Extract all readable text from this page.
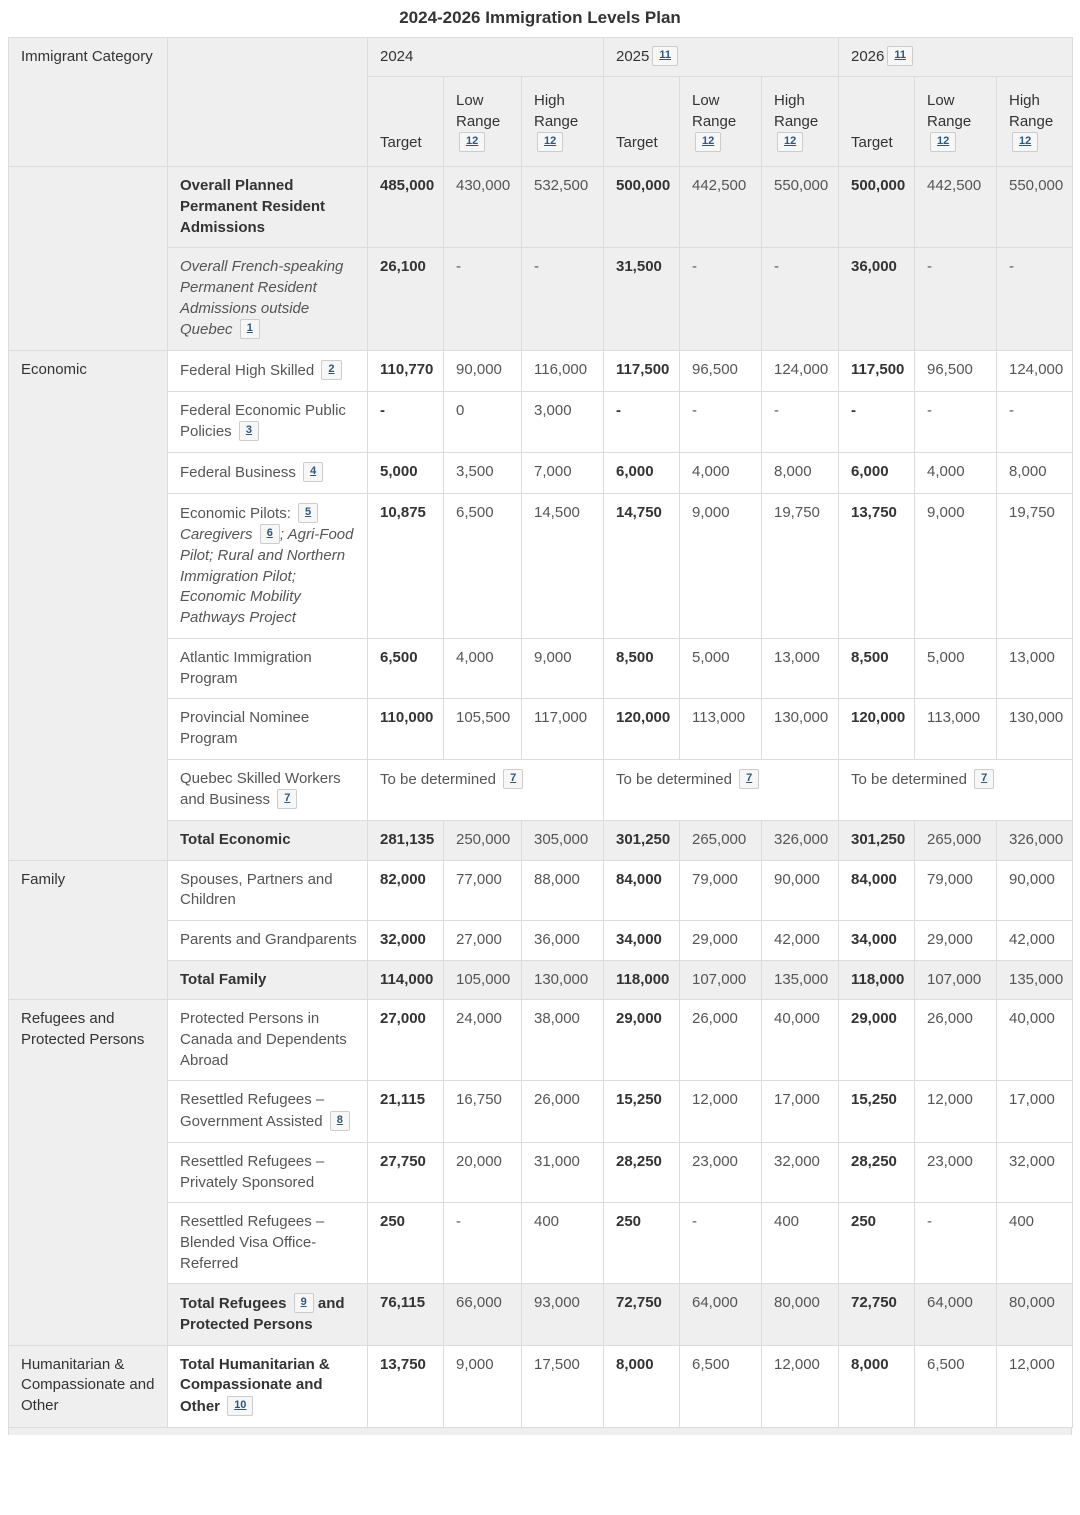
2024-2026 Immigration Levels Plan
Immigrant Category		2024			2025 11			2026 11		
		Target	Low Range 12	High Range 12	Target	Low Range 12	High Range 12	Target	Low Range 12	High Range 12
	Overall Planned Permanent Resident Admissions	485,000	430,000	532,500	500,000	442,500	550,000	500,000	442,500	550,000
	Overall French-speaking Permanent Resident Admissions outside Quebec 1	26,100	-	-	31,500	-	-	36,000	-	-
Economic	Federal High Skilled 2	110,770	90,000	116,000	117,500	96,500	124,000	117,500	96,500	124,000
	Federal Economic Public Policies 3	-	0	3,000	-	-	-	-	-	-
	Federal Business 4	5,000	3,500	7,000	6,000	4,000	8,000	6,000	4,000	8,000
	Economic Pilots: 5 Caregivers 6 ; Agri-Food Pilot; Rural and Northern Immigration Pilot; Economic Mobility Pathways Project	10,875	6,500	14,500	14,750	9,000	19,750	13,750	9,000	19,750
	Atlantic Immigration Program	6,500	4,000	9,000	8,500	5,000	13,000	8,500	5,000	13,000
	Provincial Nominee Program	110,000	105,500	117,000	120,000	113,000	130,000	120,000	113,000	130,000
	Quebec Skilled Workers and Business 7	To be determined 7			To be determined 7			To be determined 7		
	Total Economic	281,135	250,000	305,000	301,250	265,000	326,000	301,250	265,000	326,000
Family	Spouses, Partners and Children	82,000	77,000	88,000	84,000	79,000	90,000	84,000	79,000	90,000
	Parents and Grandparents	32,000	27,000	36,000	34,000	29,000	42,000	34,000	29,000	42,000
	Total Family	114,000	105,000	130,000	118,000	107,000	135,000	118,000	107,000	135,000
Refugees and Protected Persons	Protected Persons in Canada and Dependents Abroad	27,000	24,000	38,000	29,000	26,000	40,000	29,000	26,000	40,000
	Resettled Refugees – Government Assisted 8	21,115	16,750	26,000	15,250	12,000	17,000	15,250	12,000	17,000
	Resettled Refugees – Privately Sponsored	27,750	20,000	31,000	28,250	23,000	32,000	28,250	23,000	32,000
	Resettled Refugees – Blended Visa Office-Referred	250	-	400	250	-	400	250	-	400
	Total Refugees 9 and Protected Persons	76,115	66,000	93,000	72,750	64,000	80,000	72,750	64,000	80,000
Humanitarian & Compassionate and Other	Total Humanitarian & Compassionate and Other 10	13,750	9,000	17,500	8,000	6,500	12,000	8,000	6,500	12,000
